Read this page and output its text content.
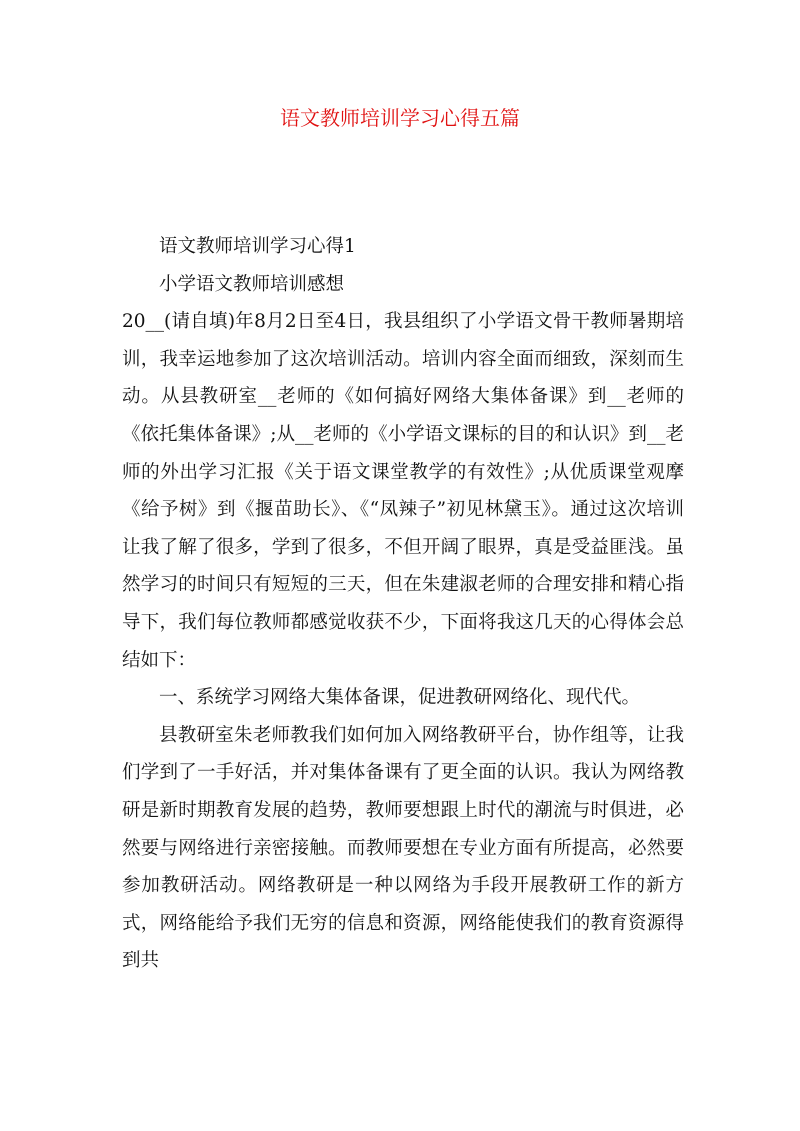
语文教师培训学习心得五篇

语文教师培训学习心得1

小学语文教师培训感想

20__(请自填)年8月2日至4日，我县组织了小学语文骨干教师暑期培训，我幸运地参加了这次培训活动。培训内容全面而细致，深刻而生动。从县教研室__老师的《如何搞好网络大集体备课》到__老师的《依托集体备课》;从__老师的《小学语文课标的目的和认识》到__老师的外出学习汇报《关于语文课堂教学的有效性》;从优质课堂观摩《给予树》到《揠苗助长》、《“凤辣子”初见林黛玉》。通过这次培训让我了解了很多，学到了很多，不但开阔了眼界，真是受益匪浅。虽然学习的时间只有短短的三天，但在朱建淑老师的合理安排和精心指导下，我们每位教师都感觉收获不少，下面将我这几天的心得体会总结如下：

一、系统学习网络大集体备课，促进教研网络化、现代代。

县教研室朱老师教我们如何加入网络教研平台，协作组等，让我们学到了一手好活，并对集体备课有了更全面的认识。我认为网络教研是新时期教育发展的趋势，教师要想跟上时代的潮流与时俱进，必然要与网络进行亲密接触。而教师要想在专业方面有所提高，必然要参加教研活动。网络教研是一种以网络为手段开展教研工作的新方式，网络能给予我们无穷的信息和资源，网络能使我们的教育资源得到共
